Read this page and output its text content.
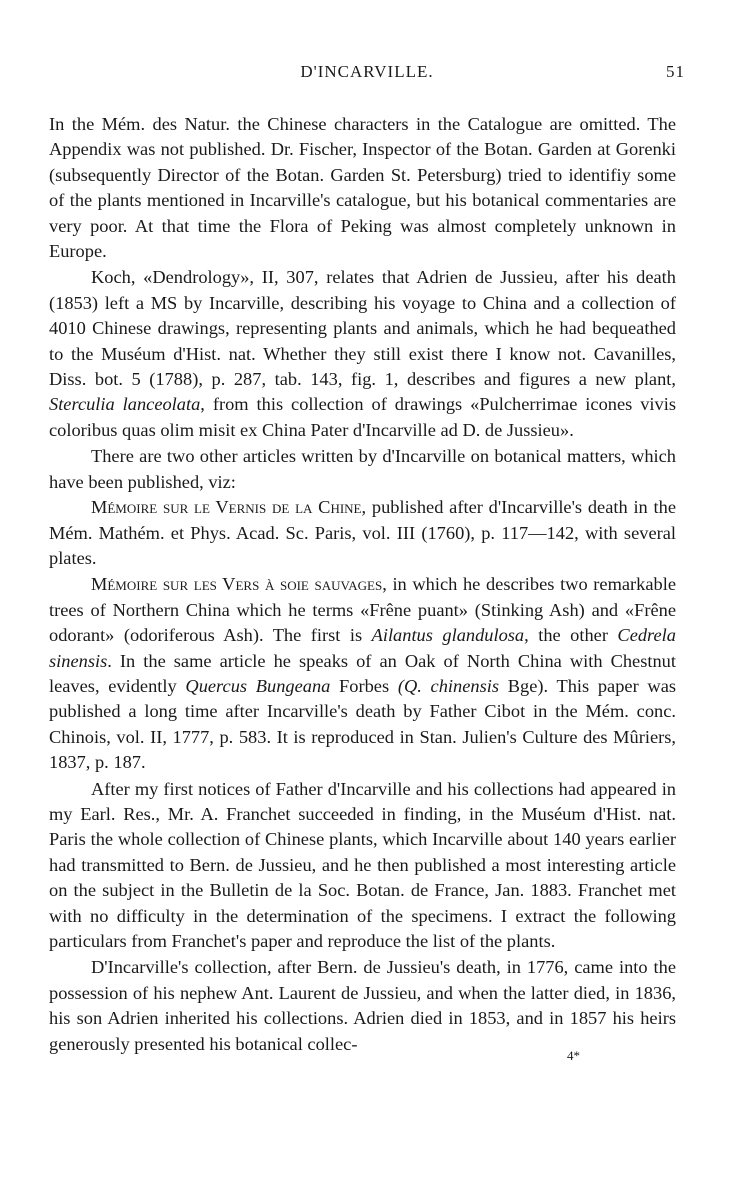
D'INCARVILLE.	51

In the Mém. des Natur. the Chinese characters in the Catalogue are omitted. The Appendix was not published. Dr. Fischer, Inspector of the Botan. Garden at Gorenki (subsequently Director of the Botan. Garden St. Petersburg) tried to identifiy some of the plants mentioned in Incarville's catalogue, but his botanical commentaries are very poor. At that time the Flora of Peking was almost completely unknown in Europe.

Koch, «Dendrology», II, 307, relates that Adrien de Jussieu, after his death (1853) left a MS by Incarville, describing his voyage to China and a collection of 4010 Chinese drawings, representing plants and animals, which he had bequeathed to the Muséum d'Hist. nat. Whether they still exist there I know not. Cavanilles, Diss. bot. 5 (1788), p. 287, tab. 143, fig. 1, describes and figures a new plant, Sterculia lanceolata, from this collection of drawings «Pulcherrimae icones vivis coloribus quas olim misit ex China Pater d'Incarville ad D. de Jussieu».

There are two other articles written by d'Incarville on botanical matters, which have been published, viz:

Mémoire sur le Vernis de la Chine, published after d'Incarville's death in the Mém. Mathém. et Phys. Acad. Sc. Paris, vol. III (1760), p. 117—142, with several plates.

Mémoire sur les Vers à soie sauvages, in which he describes two remarkable trees of Northern China which he terms «Frêne puant» (Stinking Ash) and «Frêne odorant» (odoriferous Ash). The first is Ailantus glandulosa, the other Cedrela sinensis. In the same article he speaks of an Oak of North China with Chestnut leaves, evidently Quercus Bungeana Forbes (Q. chinensis Bge). This paper was published a long time after Incarville's death by Father Cibot in the Mém. conc. Chinois, vol. II, 1777, p. 583. It is reproduced in Stan. Julien's Culture des Mûriers, 1837, p. 187.

After my first notices of Father d'Incarville and his collections had appeared in my Earl. Res., Mr. A. Franchet succeeded in finding, in the Muséum d'Hist. nat. Paris the whole collection of Chinese plants, which Incarville about 140 years earlier had transmitted to Bern. de Jussieu, and he then published a most interesting article on the subject in the Bulletin de la Soc. Botan. de France, Jan. 1883. Franchet met with no difficulty in the determination of the specimens. I extract the following particulars from Franchet's paper and reproduce the list of the plants.

D'Incarville's collection, after Bern. de Jussieu's death, in 1776, came into the possession of his nephew Ant. Laurent de Jussieu, and when the latter died, in 1836, his son Adrien inherited his collections. Adrien died in 1853, and in 1857 his heirs generously presented his botanical collec-

4*
